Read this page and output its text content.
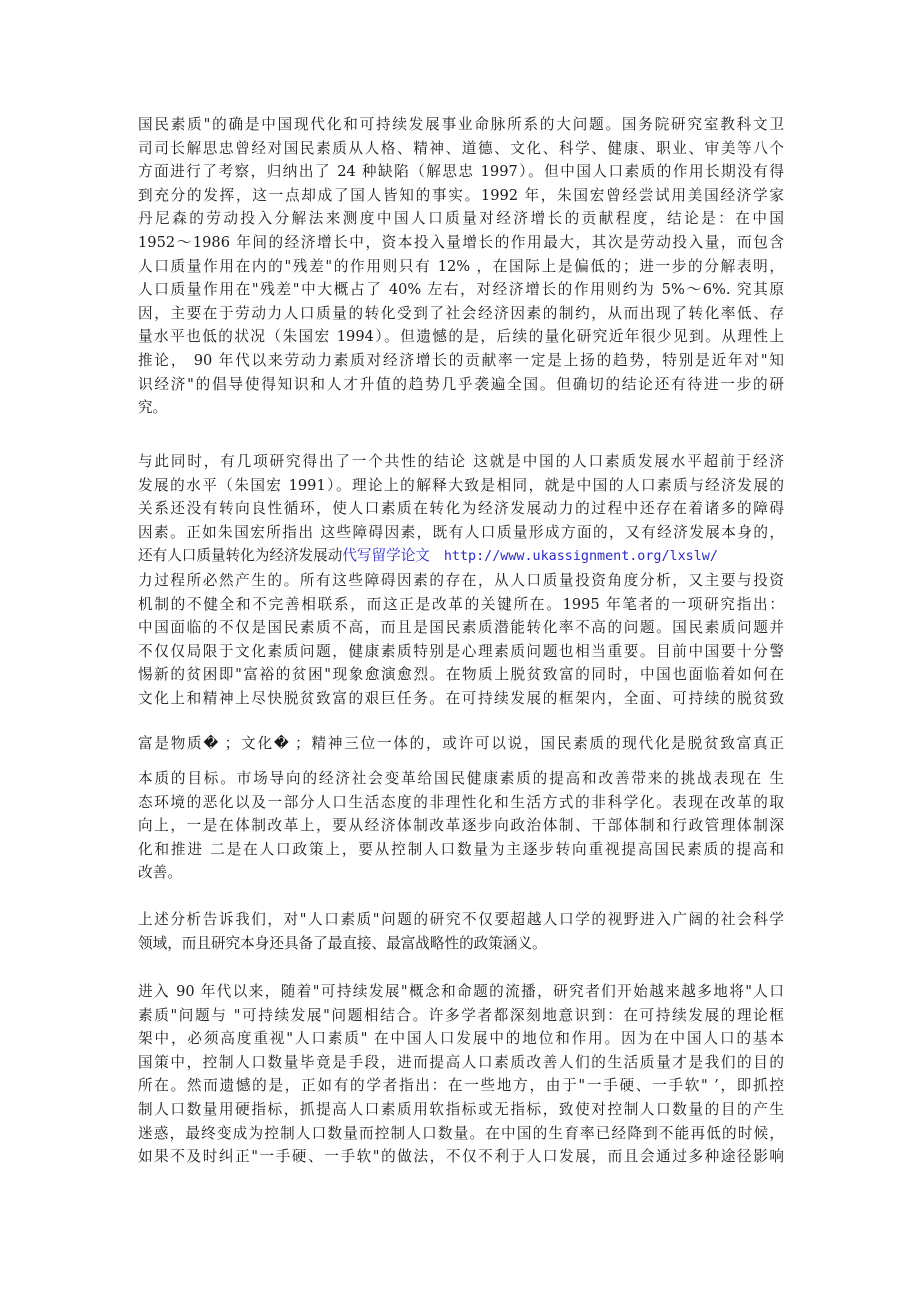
国民素质"的确是中国现代化和可持续发展事业命脉所系的大问题。国务院研究室教科文卫
司司长解思忠曾经对国民素质从人格、精神、道德、文化、科学、健康、职业、审美等八个
方面进行了考察，归纳出了 24 种缺陷（解思忠 1997）。但中国人口素质的作用长期没有得
到充分的发挥，这一点却成了国人皆知的事实。1992 年，朱国宏曾经尝试用美国经济学家
丹尼森的劳动投入分解法来测度中国人口质量对经济增长的贡献程度，结论是：在中国
1952～1986 年间的经济增长中，资本投入量增长的作用最大，其次是劳动投入量，而包含
人口质量作用在内的"残差"的作用则只有 12% ，在国际上是偏低的；进一步的分解表明，
人口质量作用在"残差"中大概占了 40% 左右，对经济增长的作用则约为 5%～6%. 究其原
因，主要在于劳动力人口质量的转化受到了社会经济因素的制约，从而出现了转化率低、存
量水平也低的状况（朱国宏 1994）。但遗憾的是，后续的量化研究近年很少见到。从理性上
推论， 90 年代以来劳动力素质对经济增长的贡献率一定是上扬的趋势，特别是近年对"知
识经济"的倡导使得知识和人才升值的趋势几乎袭遍全国。但确切的结论还有待进一步的研
究。
与此同时，有几项研究得出了一个共性的结论 这就是中国的人口素质发展水平超前于经济
发展的水平（朱国宏 1991）。理论上的解释大致是相同，就是中国的人口素质与经济发展的
关系还没有转向良性循环，使人口素质在转化为经济发展动力的过程中还存在着诸多的障碍
因素。正如朱国宏所指出 这些障碍因素，既有人口质量形成方面的，又有经济发展本身的，
还有人口质量转化为经济发展动代写留学论文 http://www.ukassignment.org/lxslw/
力过程所必然产生的。所有这些障碍因素的存在，从人口质量投资角度分析，又主要与投资
机制的不健全和不完善相联系，而这正是改革的关键所在。1995 年笔者的一项研究指出：
中国面临的不仅是国民素质不高，而且是国民素质潜能转化率不高的问题。国民素质问题并
不仅仅局限于文化素质问题，健康素质特别是心理素质问题也相当重要。目前中国要十分警
惕新的贫困即"富裕的贫困"现象愈演愈烈。在物质上脱贫致富的同时，中国也面临着如何在
文化上和精神上尽快脱贫致富的艰巨任务。在可持续发展的框架内，全面、可持续的脱贫致
富是物质� ；文化� ；精神三位一体的，或许可以说，国民素质的现代化是脱贫致富真正
本质的目标。市场导向的经济社会变革给国民健康素质的提高和改善带来的挑战表现在 生
态环境的恶化以及一部分人口生活态度的非理性化和生活方式的非科学化。表现在改革的取
向上，一是在体制改革上，要从经济体制改革逐步向政治体制、干部体制和行政管理体制深
化和推进 二是在人口政策上，要从控制人口数量为主逐步转向重视提高国民素质的提高和
改善。
上述分析告诉我们，对"人口素质"问题的研究不仅要超越人口学的视野进入广阔的社会科学
领域，而且研究本身还具备了最直接、最富战略性的政策涵义。
进入 90 年代以来，随着"可持续发展"概念和命题的流播，研究者们开始越来越多地将"人口
素质"问题与 "可持续发展"问题相结合。许多学者都深刻地意识到：在可持续发展的理论框
架中，必须高度重视"人口素质" 在中国人口发展中的地位和作用。因为在中国人口的基本
国策中，控制人口数量毕竟是手段，进而提高人口素质改善人们的生活质量才是我们的目的
所在。然而遗憾的是，正如有的学者指出：在一些地方，由于"一手硬、一手软" ’，即抓控
制人口数量用硬指标，抓提高人口素质用软指标或无指标，致使对控制人口数量的目的产生
迷惑，最终变成为控制人口数量而控制人口数量。在中国的生育率已经降到不能再低的时候，
如果不及时纠正"一手硬、一手软"的做法，不仅不利于人口发展，而且会通过多种途径影响
